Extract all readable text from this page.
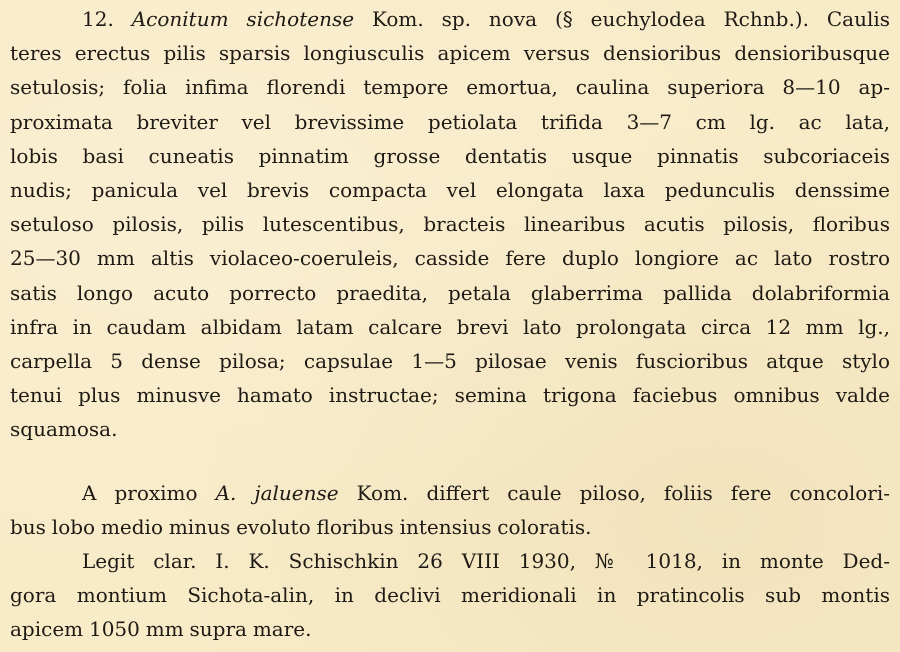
12. Aconitum sichotense Kom. sp. nova (§ euchylodea Rchnb.). Caulis
teres erectus pilis sparsis longiusculis apicem versus densioribus densioribusque
setulosis; folia infima florendi tempore emortua, caulina superiora 8—10 ap-
proximata breviter vel brevissime petiolata trifida 3—7 cm lg. ac lata,
lobis basi cuneatis pinnatim grosse dentatis usque pinnatis subcoriaceis
nudis; panicula vel brevis compacta vel elongata laxa pedunculis denssime
setuloso pilosis, pilis lutescentibus, bracteis linearibus acutis pilosis, floribus
25—30 mm altis violaceo-coeruleis, casside fere duplo longiore ac lato rostro
satis longo acuto porrecto praedita, petala glaberrima pallida dolabriformia
infra in caudam albidam latam calcare brevi lato prolongata circa 12 mm lg.,
carpella 5 dense pilosa; capsulae 1—5 pilosae venis fuscioribus atque stylo
tenui plus minusve hamato instructae; semina trigona faciebus omnibus valde
squamosa.

A proximo A. jaluense Kom. differt caule piloso, foliis fere concolori-
bus lobo medio minus evoluto floribus intensius coloratis.

Legit clar. I. K. Schischkin 26 VIII 1930, № 1018, in monte Ded-
gora montium Sichota-alin, in declivi meridionali in pratincolis sub montis
apicem 1050 mm supra mare.
